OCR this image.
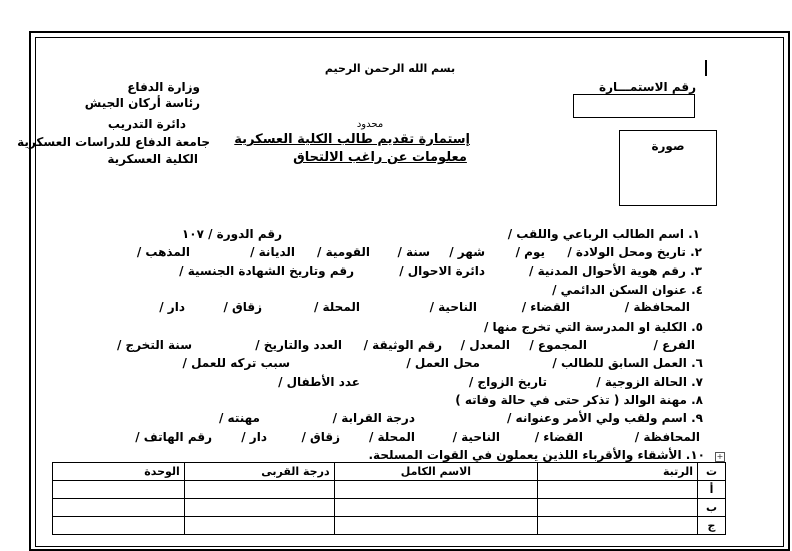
بسم الله الرحمن الرحيم
وزارة الدفاع
رئاسة أركان الجيش
دائرة التدريب
جامعة الدفاع للدراسات العسكرية
الكلية العسكرية
رقم الاستمـــارة
محدود
إستمارة تقديم طالب الكلية العسكرية
معلومات عن راغب الالتحاق
صورة
١. اسم الطالب الرباعي واللقب /
رقم الدورة / ١٠٧
٢. تاريخ ومحل الولادة /
يوم /
شهر /
سنة /
القومية /
الديانة /
المذهب /
٣. رقم هوية الأحوال المدنية /
دائرة الاحوال /
رقم وتاريخ الشهادة الجنسية /
٤. عنوان السكن الدائمي /
المحافظة /
القضاء /
الناحية /
المحلة /
زقاق /
دار /
٥. الكلية او المدرسة التي تخرج منها /
الفرع /
المجموع /
المعدل /
رقم الوثيقة /
العدد والتاريخ /
سنة التخرج /
٦. العمل السابق للطالب /
محل العمل /
سبب تركه للعمل /
٧. الحالة الزوجية /
تاريخ الزواج /
عدد الأطفال /
٨. مهنة الوالد ( تذكر حتى في حالة وفاته )
٩. اسم ولقب ولي الأمر وعنوانه /
درجة القرابة /
مهنته /
المحافظة /
القضاء /
الناحية /
المحلة /
زقاق /
دار /
رقم الهاتف /
١٠. الأشقاء والأقرباء اللذين يعملون في القوات المسلحة. +
الوحدة	درجة القربى	الاسم الكامل	الرتبة	ت
				أ
				ب
				ج
